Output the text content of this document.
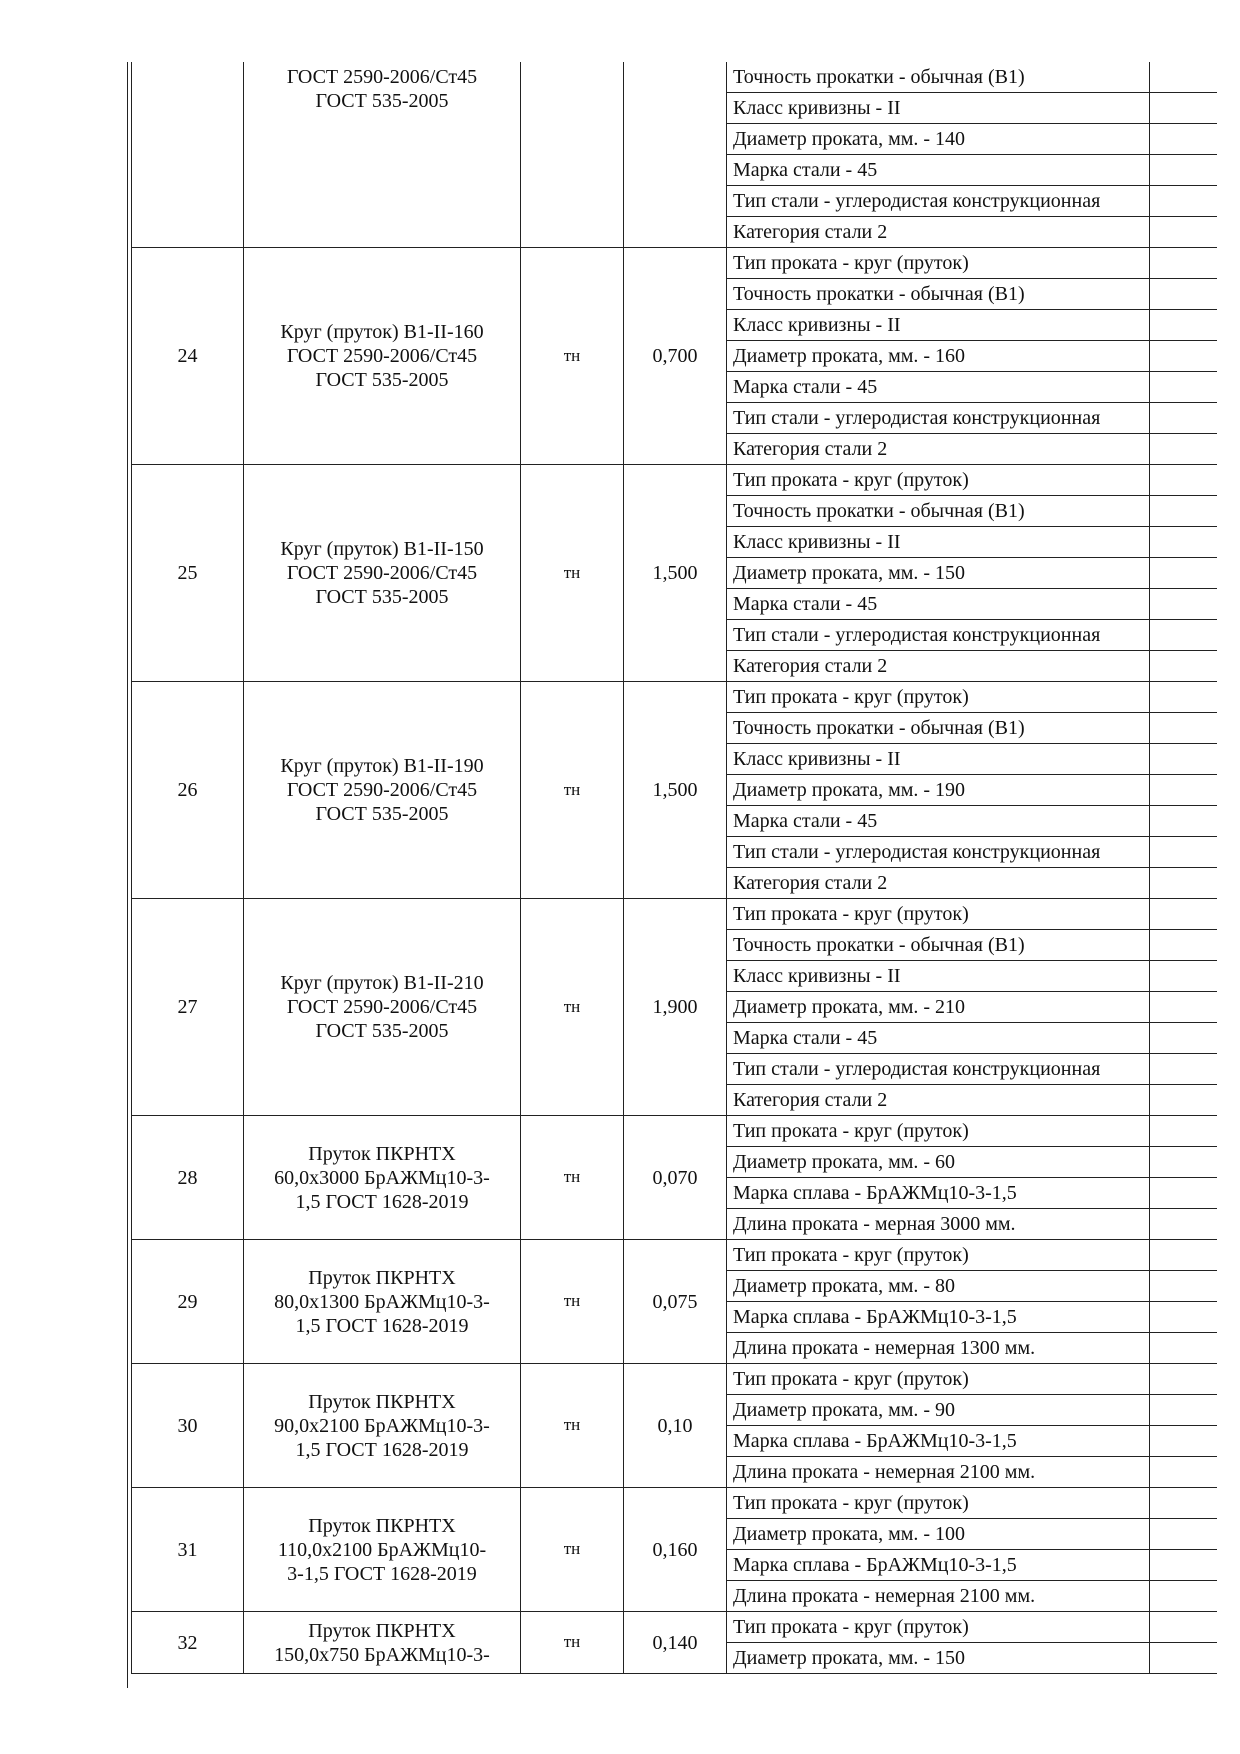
	ГОСТ 2590-2006/Ст45
ГОСТ 535-2005			Точность прокатки - обычная (В1)	
				Класс кривизны - II	
				Диаметр проката, мм. - 140	
				Марка стали - 45	
				Тип стали - углеродистая конструкционная	
				Категория стали 2	
24	Круг (пруток) В1-II-160
ГОСТ 2590-2006/Ст45
ГОСТ 535-2005	тн	0,700	Тип проката - круг (пруток)	
				Точность прокатки - обычная (В1)	
				Класс кривизны - II	
				Диаметр проката, мм. - 160	
				Марка стали - 45	
				Тип стали - углеродистая конструкционная	
				Категория стали 2	
25	Круг (пруток) В1-II-150
ГОСТ 2590-2006/Ст45
ГОСТ 535-2005	тн	1,500	Тип проката - круг (пруток)	
				Точность прокатки - обычная (В1)	
				Класс кривизны - II	
				Диаметр проката, мм. - 150	
				Марка стали - 45	
				Тип стали - углеродистая конструкционная	
				Категория стали 2	
26	Круг (пруток) В1-II-190
ГОСТ 2590-2006/Ст45
ГОСТ 535-2005	тн	1,500	Тип проката - круг (пруток)	
				Точность прокатки - обычная (В1)	
				Класс кривизны - II	
				Диаметр проката, мм. - 190	
				Марка стали - 45	
				Тип стали - углеродистая конструкционная	
				Категория стали 2	
27	Круг (пруток) В1-II-210
ГОСТ 2590-2006/Ст45
ГОСТ 535-2005	тн	1,900	Тип проката - круг (пруток)	
				Точность прокатки - обычная (В1)	
				Класс кривизны - II	
				Диаметр проката, мм. - 210	
				Марка стали - 45	
				Тип стали - углеродистая конструкционная	
				Категория стали 2	
28	Пруток ПКРНТХ
60,0х3000 БрАЖМц10-3-
1,5 ГОСТ 1628-2019	тн	0,070	Тип проката - круг (пруток)	
				Диаметр проката, мм. - 60	
				Марка сплава - БрАЖМц10-3-1,5	
				Длина проката - мерная 3000 мм.	
29	Пруток ПКРНТХ
80,0х1300 БрАЖМц10-3-
1,5 ГОСТ 1628-2019	тн	0,075	Тип проката - круг (пруток)	
				Диаметр проката, мм. - 80	
				Марка сплава - БрАЖМц10-3-1,5	
				Длина проката - немерная 1300 мм.	
30	Пруток ПКРНТХ
90,0х2100 БрАЖМц10-3-
1,5 ГОСТ 1628-2019	тн	0,10	Тип проката - круг (пруток)	
				Диаметр проката, мм. - 90	
				Марка сплава - БрАЖМц10-3-1,5	
				Длина проката - немерная 2100 мм.	
31	Пруток ПКРНТХ
110,0х2100 БрАЖМц10-
3-1,5 ГОСТ 1628-2019	тн	0,160	Тип проката - круг (пруток)	
				Диаметр проката, мм. - 100	
				Марка сплава - БрАЖМц10-3-1,5	
				Длина проката - немерная 2100 мм.	
32	Пруток ПКРНТХ
150,0х750 БрАЖМц10-3-	тн	0,140	Тип проката - круг (пруток)	
				Диаметр проката, мм. - 150	
